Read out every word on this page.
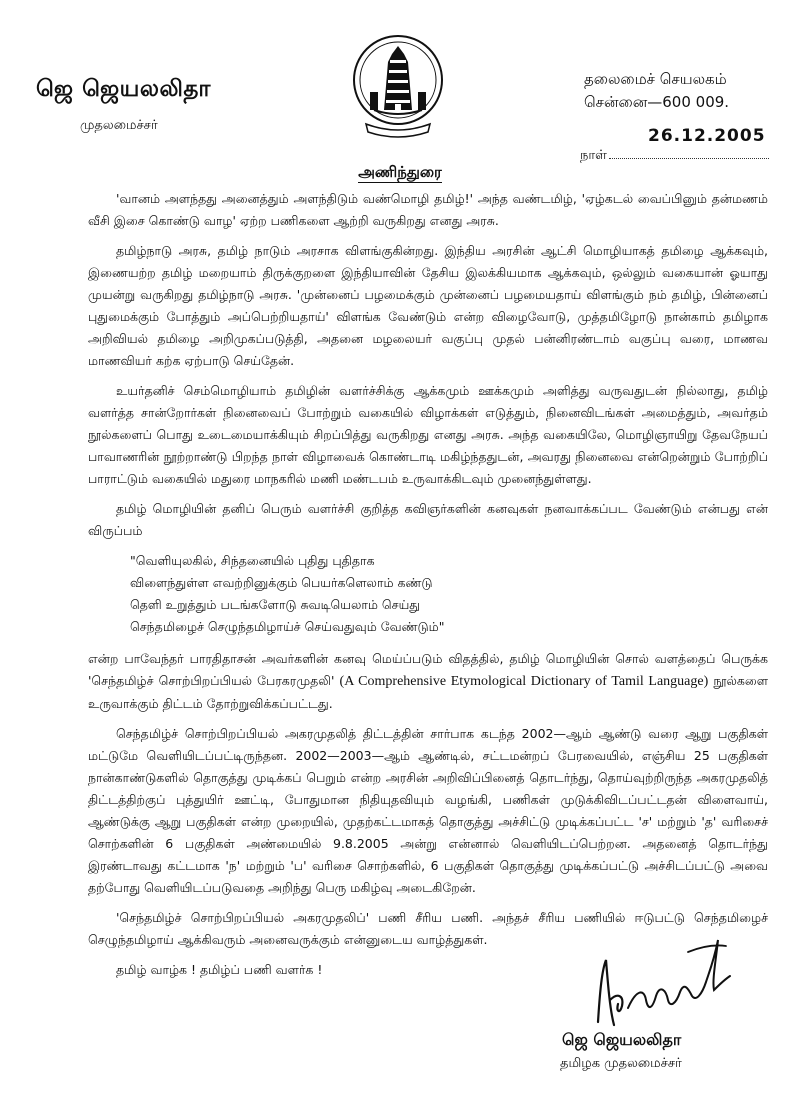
ஜெ ஜெயலலிதா
முதலமைச்சர்
தலைமைச் செயலகம்
சென்னை—600 009.
நாள்
26.12.2005
அணிந்துரை

'வானம் அளந்தது அனைத்தும் அளந்திடும் வண்மொழி தமிழ்!' அந்த வண்டமிழ், 'ஏழ்கடல் வைப்பினும் தன்மணம் வீசி இசை கொண்டு வாழ' ஏற்ற பணிகளை ஆற்றி வருகிறது எனது அரசு.

தமிழ்நாடு அரசு, தமிழ் நாடும் அரசாக விளங்குகின்றது. இந்திய அரசின் ஆட்சி மொழியாகத் தமிழை ஆக்கவும், இணையற்ற தமிழ் மறையாம் திருக்குறளை இந்தியாவின் தேசிய இலக்கியமாக ஆக்கவும், ஒல்லும் வகையான் ஓயாது முயன்று வருகிறது தமிழ்நாடு அரசு. 'முன்னைப் பழமைக்கும் முன்னைப் பழமையதாய் விளங்கும் நம் தமிழ், பின்னைப் புதுமைக்கும் போத்தும் அப்பெற்றியதாய்' விளங்க வேண்டும் என்ற விழைவோடு, முத்தமிழோடு நான்காம் தமிழாக அறிவியல் தமிழை அறிமுகப்படுத்தி, அதனை மழலையர் வகுப்பு முதல் பன்னிரண்டாம் வகுப்பு வரை, மாணவ மாணவியர் கற்க ஏற்பாடு செய்தேன்.

உயர்தனிச் செம்மொழியாம் தமிழின் வளர்ச்சிக்கு ஆக்கமும் ஊக்கமும் அளித்து வருவதுடன் நில்லாது, தமிழ் வளர்த்த சான்றோர்கள் நினைவைப் போற்றும் வகையில் விழாக்கள் எடுத்தும், நினைவிடங்கள் அமைத்தும், அவர்தம் நூல்களைப் பொது உடைமையாக்கியும் சிறப்பித்து வருகிறது எனது அரசு. அந்த வகையிலே, மொழிஞாயிறு தேவநேயப் பாவாணரின் நூற்றாண்டு பிறந்த நாள் விழாவைக் கொண்டாடி மகிழ்ந்ததுடன், அவரது நினைவை என்றென்றும் போற்றிப் பாராட்டும் வகையில் மதுரை மாநகரில் மணி மண்டபம் உருவாக்கிடவும் முனைந்துள்ளது.

தமிழ் மொழியின் தனிப் பெரும் வளர்ச்சி குறித்த கவிஞர்களின் கனவுகள் நனவாக்கப்பட வேண்டும் என்பது என் விருப்பம்

"வெளியுலகில், சிந்தனையில் புதிது புதிதாக
விளைந்துள்ள எவற்றினுக்கும் பெயர்களெலாம் கண்டு
தெளி உறுத்தும் படங்களோடு சுவடியெலாம் செய்து
செந்தமிழைச் செழுந்தமிழாய்ச் செய்வதுவும் வேண்டும்"

என்ற பாவேந்தர் பாரதிதாசன் அவர்களின் கனவு மெய்ப்படும் விதத்தில், தமிழ் மொழியின் சொல் வளத்தைப் பெருக்க 'செந்தமிழ்ச் சொற்பிறப்பியல் பேரகரமுதலி' (A Comprehensive Etymological Dictionary of Tamil Language) நூல்களை உருவாக்கும் திட்டம் தோற்றுவிக்கப்பட்டது.

செந்தமிழ்ச் சொற்பிறப்பியல் அகரமுதலித் திட்டத்தின் சார்பாக கடந்த 2002—ஆம் ஆண்டு வரை ஆறு பகுதிகள் மட்டுமே வெளியிடப்பட்டிருந்தன. 2002—2003—ஆம் ஆண்டில், சட்டமன்றப் பேரவையில், எஞ்சிய 25 பகுதிகள் நான்காண்டுகளில் தொகுத்து முடிக்கப் பெறும் என்ற அரசின் அறிவிப்பினைத் தொடர்ந்து, தொய்வுற்றிருந்த அகரமுதலித் திட்டத்திற்குப் புத்துயிர் ஊட்டி, போதுமான நிதியுதவியும் வழங்கி, பணிகள் முடுக்கிவிடப்பட்டதன் விளைவாய், ஆண்டுக்கு ஆறு பகுதிகள் என்ற முறையில், முதற்கட்டமாகத் தொகுத்து அச்சிட்டு முடிக்கப்பட்ட 'ச' மற்றும் 'த' வரிசைச் சொற்களின் 6 பகுதிகள் அண்மையில் 9.8.2005 அன்று என்னால் வெளியிடப்பெற்றன. அதனைத் தொடர்ந்து இரண்டாவது கட்டமாக 'ந' மற்றும் 'ப' வரிசை சொற்களில், 6 பகுதிகள் தொகுத்து முடிக்கப்பட்டு அச்சிடப்பட்டு அவை தற்போது வெளியிடப்படுவதை அறிந்து பெரு மகிழ்வு அடைகிறேன்.

'செந்தமிழ்ச் சொற்பிறப்பியல் அகரமுதலிப்' பணி சீரிய பணி. அந்தச் சீரிய பணியில் ஈடுபட்டு செந்தமிழைச் செழுந்தமிழாய் ஆக்கிவரும் அனைவருக்கும் என்னுடைய வாழ்த்துகள்.

தமிழ் வாழ்க ! தமிழ்ப் பணி வளர்க !

ஜெ ஜெயலலிதா
தமிழக முதலமைச்சர்
